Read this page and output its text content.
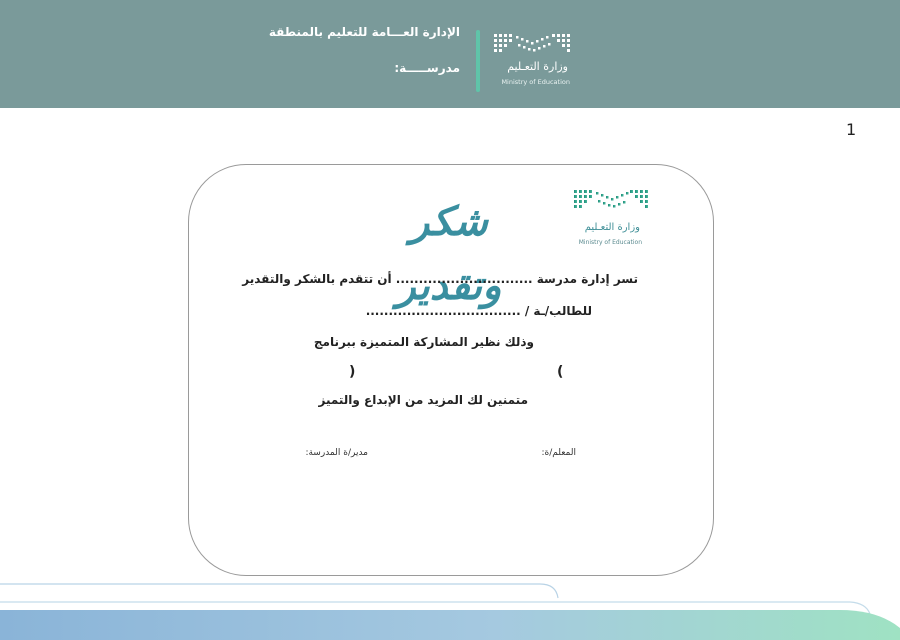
الإدارة العـــامة للتعليم بالمنطقة
مدرســـــة:	وزارة التعـليم
Ministry of Education
1
وزارة التعـليم
Ministry of Education
شكر وتقدير
تسر إدارة مدرسة .............................. أن تتقدم بالشكر والتقدير
للطالب/ـة / ..................................
وذلك نظير المشاركة المتميزة ببرنامج
(
)
متمنين لك المزيد من الإبداع والتميز
المعلم/ة:
مدير/ة المدرسة:
